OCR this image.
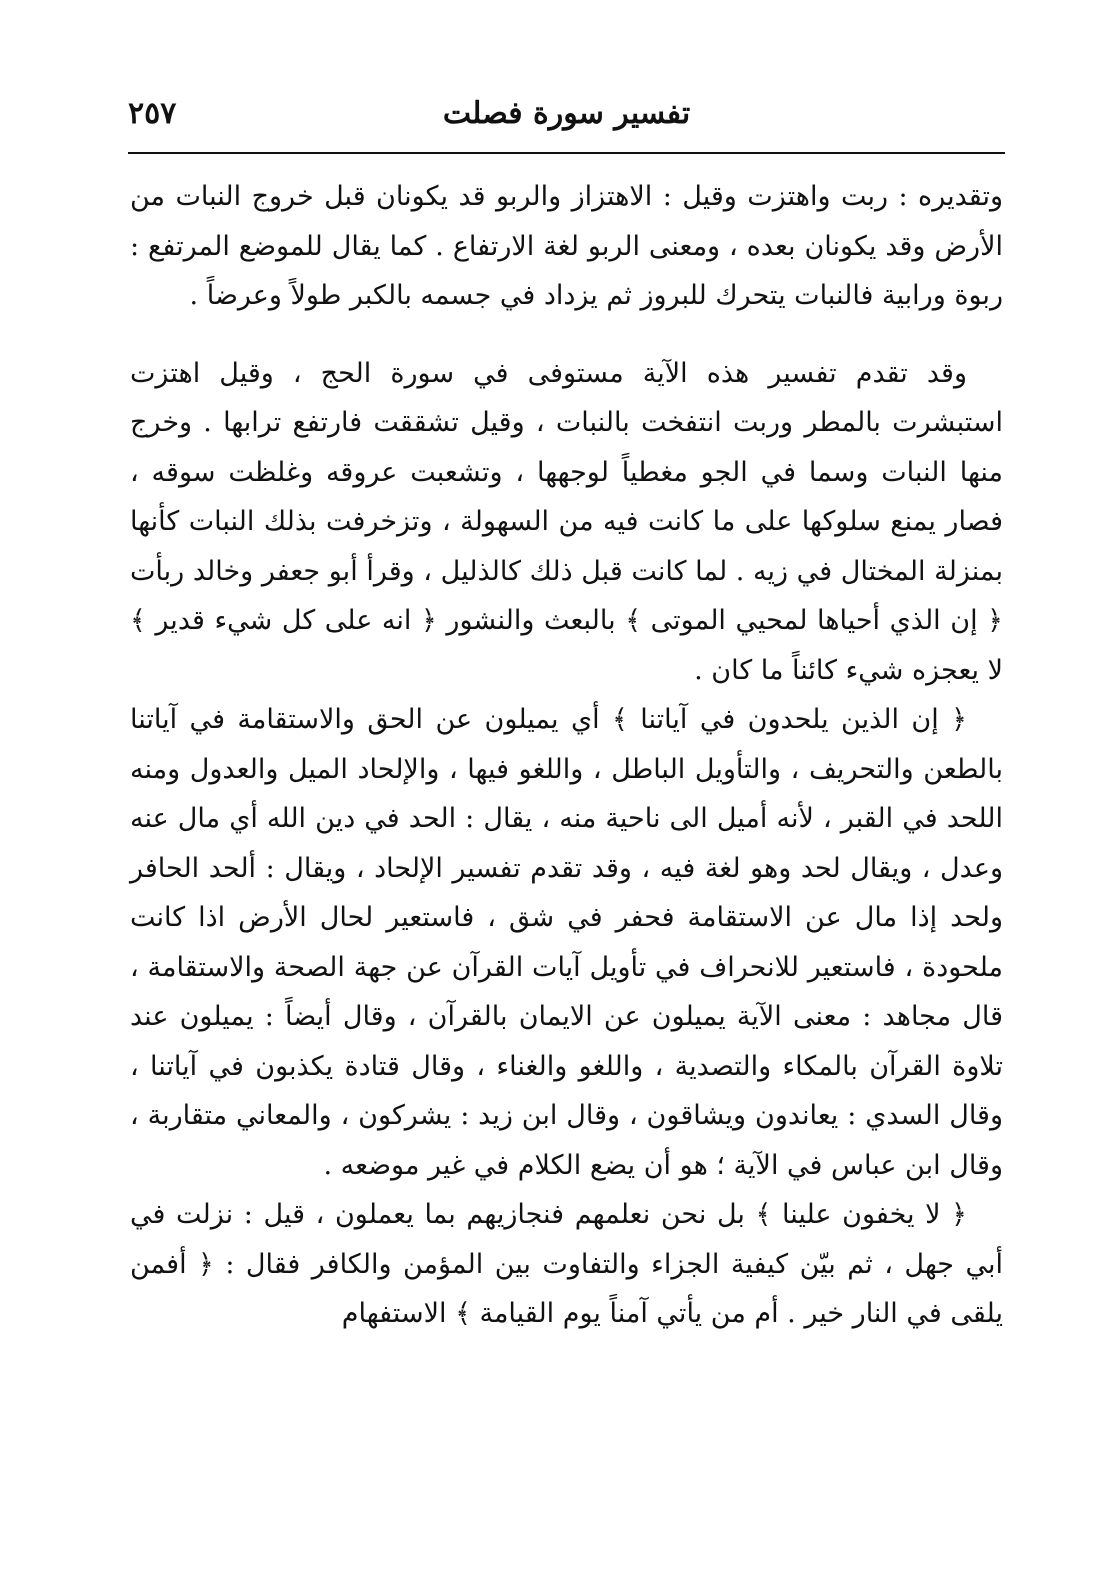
٢٥٧	تفسير سورة فصلت

وتقديره : ربت واهتزت وقيل : الاهتزاز والربو قد يكونان قبل خروج النبات من الأرض وقد يكونان بعده ، ومعنى الربو لغة الارتفاع . كما يقال للموضع المرتفع : ربوة ورابية فالنبات يتحرك للبروز ثم يزداد في جسمه بالكبر طولاً وعرضاً .

وقد تقدم تفسير هذه الآية مستوفى في سورة الحج ، وقيل اهتزت استبشرت بالمطر وربت انتفخت بالنبات ، وقيل تشققت فارتفع ترابها . وخرج منها النبات وسما في الجو مغطياً لوجهها ، وتشعبت عروقه وغلظت سوقه ، فصار يمنع سلوكها على ما كانت فيه من السهولة ، وتزخرفت بذلك النبات كأنها بمنزلة المختال في زيه . لما كانت قبل ذلك كالذليل ، وقرأ أبو جعفر وخالد ربأت ﴿ إن الذي أحياها لمحيي الموتى ﴾ بالبعث والنشور ﴿ انه على كل شيء قدير ﴾ لا يعجزه شيء كائناً ما كان .

﴿ إن الذين يلحدون في آياتنا ﴾ أي يميلون عن الحق والاستقامة في آياتنا بالطعن والتحريف ، والتأويل الباطل ، واللغو فيها ، والإلحاد الميل والعدول ومنه اللحد في القبر ، لأنه أميل الى ناحية منه ، يقال : الحد في دين الله أي مال عنه وعدل ، ويقال لحد وهو لغة فيه ، وقد تقدم تفسير الإلحاد ، ويقال : ألحد الحافر ولحد إذا مال عن الاستقامة فحفر في شق ، فاستعير لحال الأرض اذا كانت ملحودة ، فاستعير للانحراف في تأويل آيات القرآن عن جهة الصحة والاستقامة ، قال مجاهد : معنى الآية يميلون عن الايمان بالقرآن ، وقال أيضاً : يميلون عند تلاوة القرآن بالمكاء والتصدية ، واللغو والغناء ، وقال قتادة يكذبون في آياتنا ، وقال السدي : يعاندون ويشاقون ، وقال ابن زيد : يشركون ، والمعاني متقاربة ، وقال ابن عباس في الآية ؛ هو أن يضع الكلام في غير موضعه .

﴿ لا يخفون علينا ﴾ بل نحن نعلمهم فنجازيهم بما يعملون ، قيل : نزلت في أبي جهل ، ثم بيّن كيفية الجزاء والتفاوت بين المؤمن والكافر فقال : ﴿ أفمن يلقى في النار خير . أم من يأتي آمناً يوم القيامة ﴾ الاستفهام
